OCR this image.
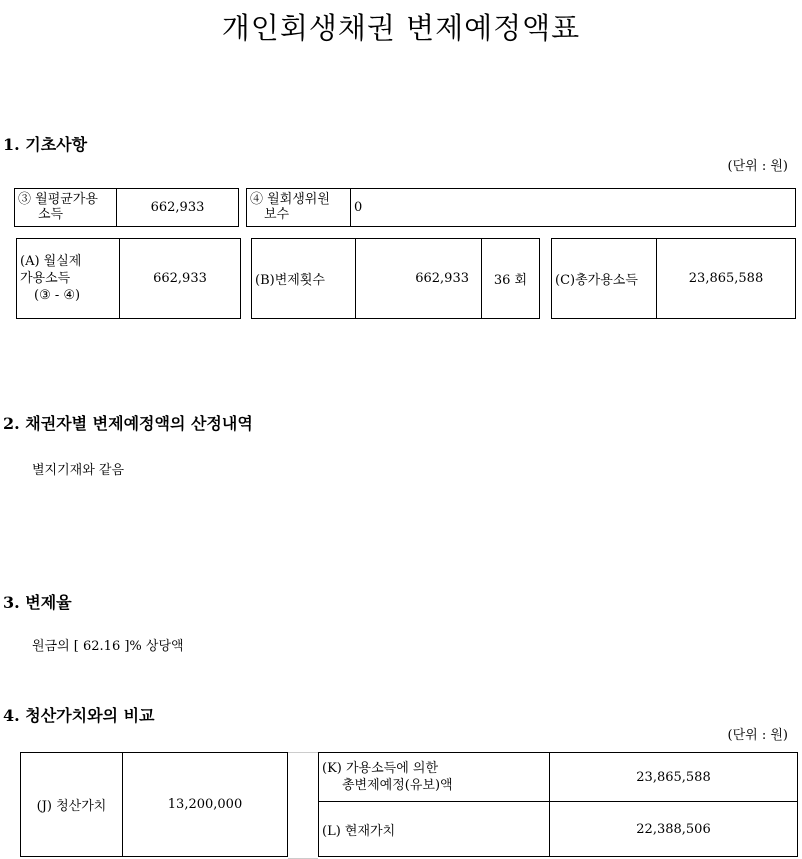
개인회생채권 변제예정액표
1. 기초사항
(단위 : 원)
③ 월평균가용
소득	662,933
④ 월회생위원
보수	0
(A) 월실제
가용소득
(③ - ④)
	662,933	(B)변제횟수	662,933	36 회 (C)총가용소득	23,865,588
2. 채권자별 변제예정액의 산정내역
별지기재와 같음
3. 변제율
원금의 [ 62.16 ]% 상당액
4. 청산가치와의 비교
(단위 : 원)
(J) 청산가치	13,200,000
(K) 가용소득에 의한
총변제예정(유보)액	23,865,588
(L) 현재가치	22,388,506
